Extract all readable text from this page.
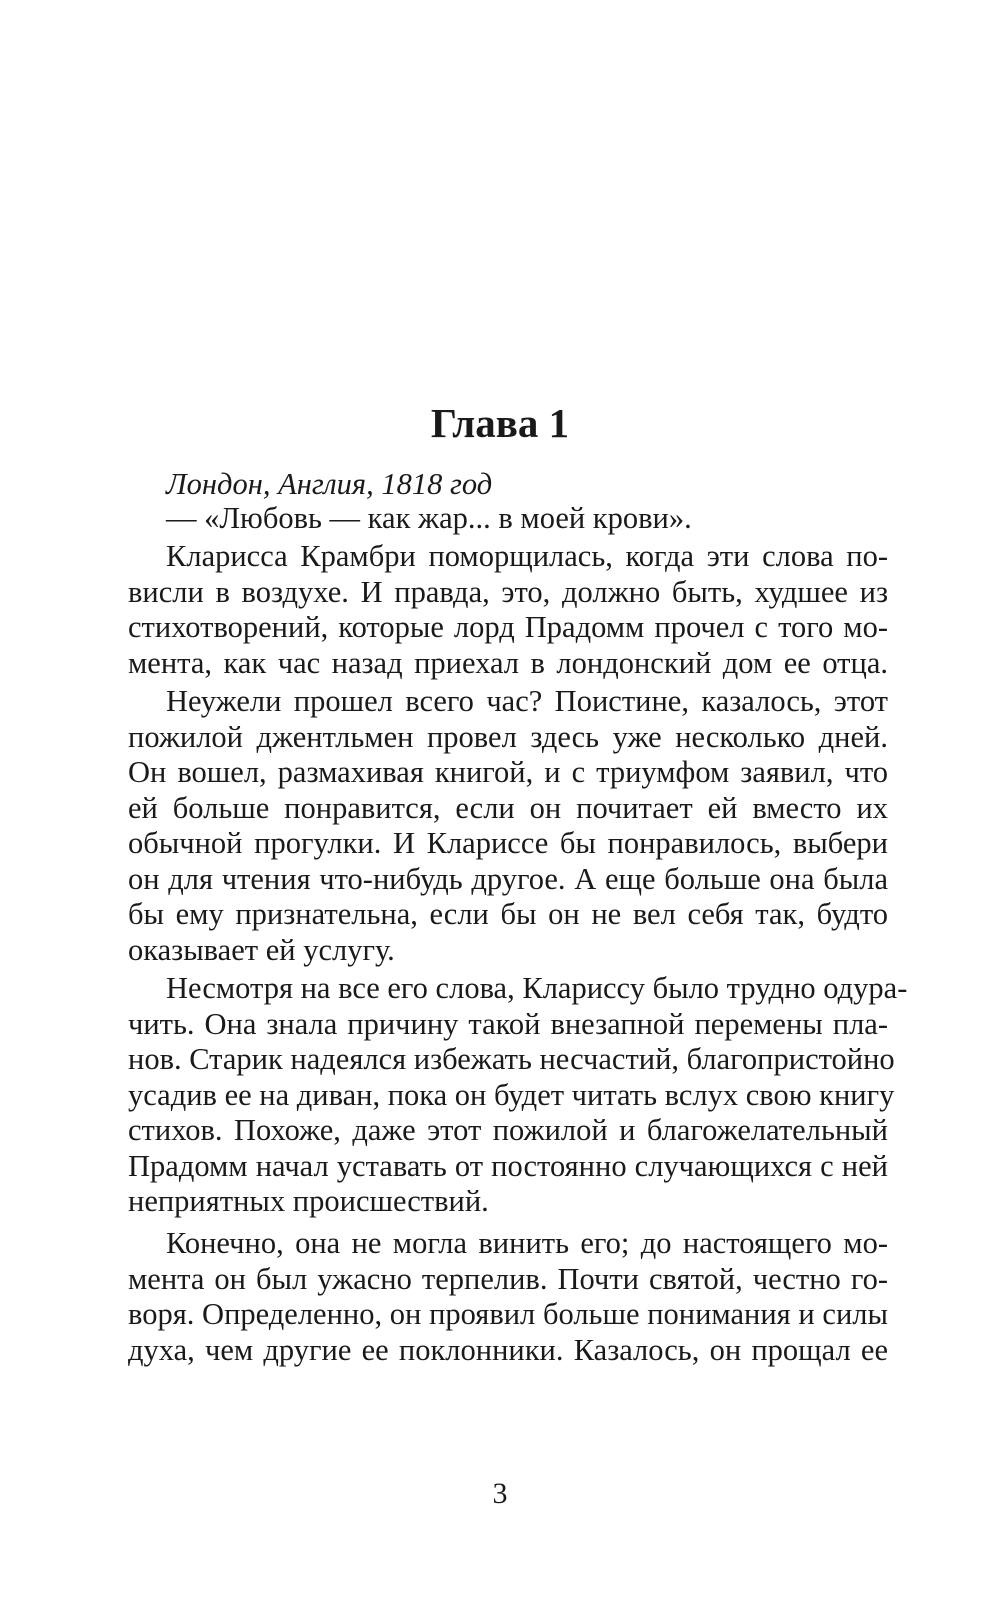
Глава 1
Лондон, Англия, 1818 год
— «Любовь — как жар... в моей крови».
Кларисса Крамбри поморщилась, когда эти слова по-
висли в воздухе. И правда, это, должно быть, худшее из
стихотворений, которые лорд Прадомм прочел с того мо-
мента, как час назад приехал в лондонский дом ее отца.
Неужели прошел всего час? Поистине, казалось, этот
пожилой джентльмен провел здесь уже несколько дней.
Он вошел, размахивая книгой, и с триумфом заявил, что
ей больше понравится, если он почитает ей вместо их
обычной прогулки. И Клариссе бы понравилось, выбери
он для чтения что-нибудь другое. А еще больше она была
бы ему признательна, если бы он не вел себя так, будто
оказывает ей услугу.
Несмотря на все его слова, Клариссу было трудно одура-
чить. Она знала причину такой внезапной перемены пла-
нов. Старик надеялся избежать несчастий, благопристойно
усадив ее на диван, пока он будет читать вслух свою книгу
стихов. Похоже, даже этот пожилой и благожелательный
Прадомм начал уставать от постоянно случающихся с ней
неприятных происшествий.
Конечно, она не могла винить его; до настоящего мо-
мента он был ужасно терпелив. Почти святой, честно го-
воря. Определенно, он проявил больше понимания и силы
духа, чем другие ее поклонники. Казалось, он прощал ее
3
